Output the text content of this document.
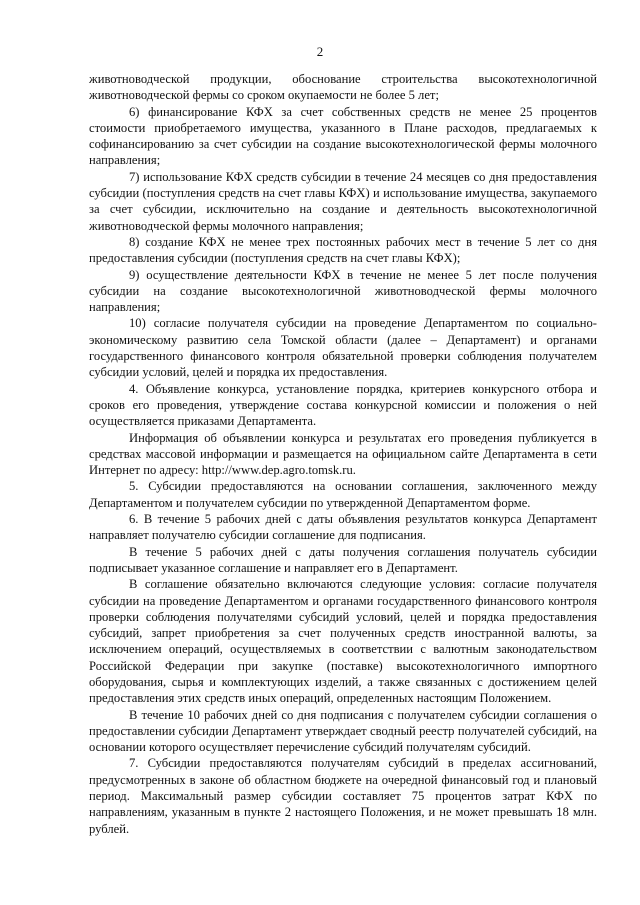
2

животноводческой продукции, обоснование строительства высокотехнологичной животноводческой фермы со сроком окупаемости не более 5 лет;

6) финансирование КФХ за счет собственных средств не менее 25 процентов стоимости приобретаемого имущества, указанного в Плане расходов, предлагаемых к софинансированию за счет субсидии на создание высокотехнологической фермы молочного направления;

7) использование КФХ средств субсидии в течение 24 месяцев со дня предоставления субсидии (поступления средств на счет главы КФХ) и использование имущества, закупаемого за счет субсидии, исключительно на создание и деятельность высокотехнологичной животноводческой фермы молочного направления;

8) создание КФХ не менее трех постоянных рабочих мест в течение 5 лет со дня предоставления субсидии (поступления средств на счет главы КФХ);

9) осуществление деятельности КФХ в течение не менее 5 лет после получения субсидии на создание высокотехнологичной животноводческой фермы молочного направления;

10) согласие получателя субсидии на проведение Департаментом по социально-экономическому развитию села Томской области (далее – Департамент) и органами государственного финансового контроля обязательной проверки соблюдения получателем субсидии условий, целей и порядка их предоставления.

4. Объявление конкурса, установление порядка, критериев конкурсного отбора и сроков его проведения, утверждение состава конкурсной комиссии и положения о ней осуществляется приказами Департамента.

Информация об объявлении конкурса и результатах его проведения публикуется в средствах массовой информации и размещается на официальном сайте Департамента в сети Интернет по адресу: http://www.dep.agro.tomsk.ru.

5. Субсидии предоставляются на основании соглашения, заключенного между Департаментом и получателем субсидии по утвержденной Департаментом форме.

6. В течение 5 рабочих дней с даты объявления результатов конкурса Департамент направляет получателю субсидии соглашение для подписания.

В течение 5 рабочих дней с даты получения соглашения получатель субсидии подписывает указанное соглашение и направляет его в Департамент.

В соглашение обязательно включаются следующие условия: согласие получателя субсидии на проведение Департаментом и органами государственного финансового контроля проверки соблюдения получателями субсидий условий, целей и порядка предоставления субсидий, запрет приобретения за счет полученных средств иностранной валюты, за исключением операций, осуществляемых в соответствии с валютным законодательством Российской Федерации при закупке (поставке) высокотехнологичного импортного оборудования, сырья и комплектующих изделий, а также связанных с достижением целей предоставления этих средств иных операций, определенных настоящим Положением.

В течение 10 рабочих дней со дня подписания с получателем субсидии соглашения о предоставлении субсидии Департамент утверждает сводный реестр получателей субсидий, на основании которого осуществляет перечисление субсидий получателям субсидий.

7. Субсидии предоставляются получателям субсидий в пределах ассигнований, предусмотренных в законе об областном бюджете на очередной финансовый год и плановый период. Максимальный размер субсидии составляет 75 процентов затрат КФХ по направлениям, указанным в пункте 2 настоящего Положения, и не может превышать 18 млн. рублей.
